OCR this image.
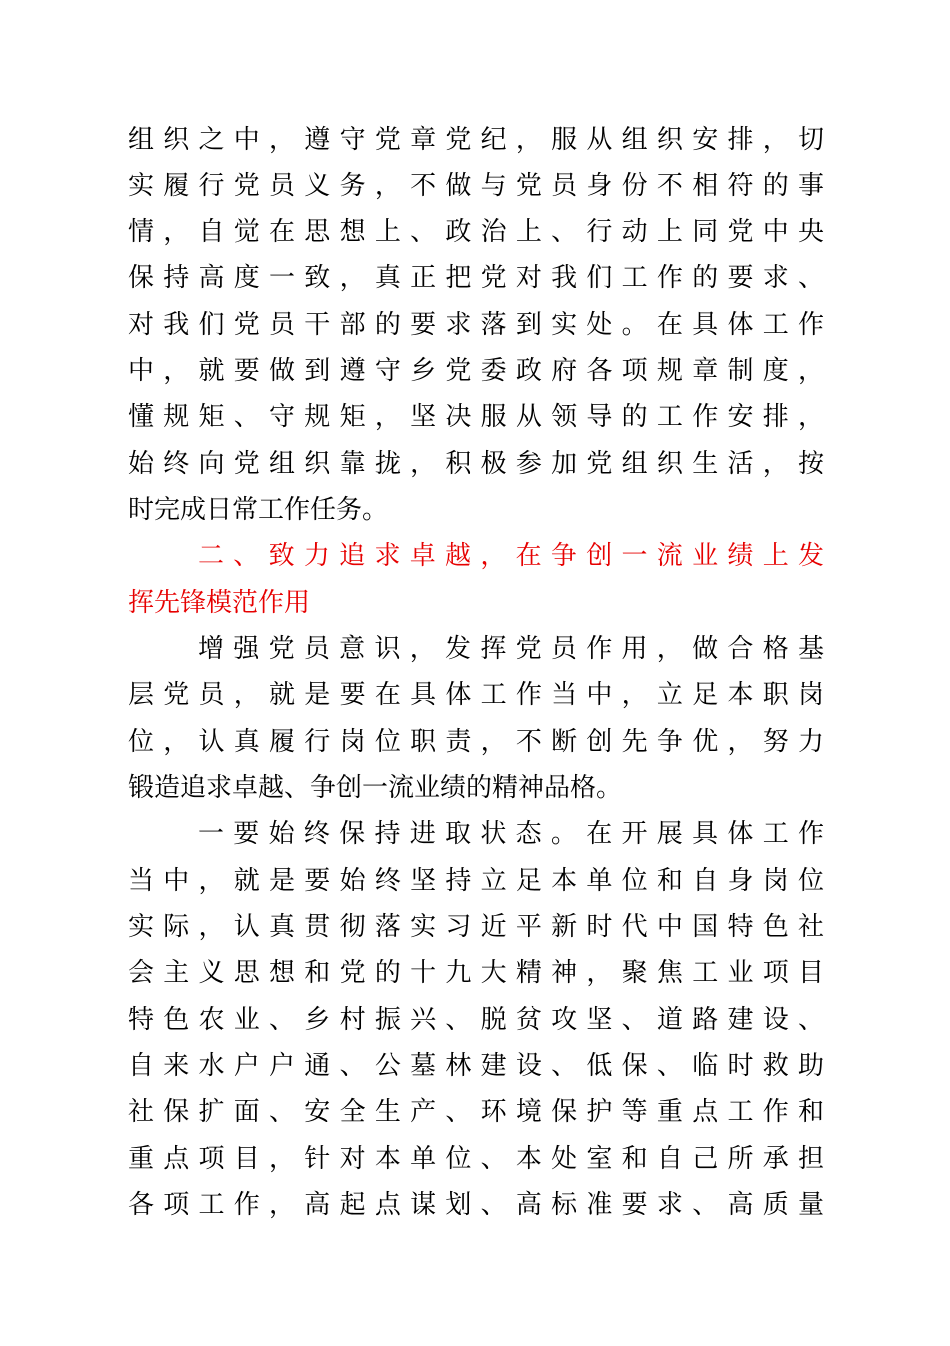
组织之中，遵守党章党纪，服从组织安排，切
实履行党员义务，不做与党员身份不相符的事
情，自觉在思想上、政治上、行动上同党中央
保持高度一致，真正把党对我们工作的要求、
对我们党员干部的要求落到实处。在具体工作
中，就要做到遵守乡党委政府各项规章制度，
懂规矩、守规矩，坚决服从领导的工作安排，
始终向党组织靠拢，积极参加党组织生活，按
时完成日常工作任务。
二、致力追求卓越，在争创一流业绩上发
挥先锋模范作用
增强党员意识，发挥党员作用，做合格基
层党员，就是要在具体工作当中，立足本职岗
位，认真履行岗位职责，不断创先争优，努力
锻造追求卓越、争创一流业绩的精神品格。
一要始终保持进取状态。在开展具体工作
当中，就是要始终坚持立足本单位和自身岗位
实际，认真贯彻落实习近平新时代中国特色社
会主义思想和党的十九大精神，聚焦工业项目
特色农业、乡村振兴、脱贫攻坚、道路建设、
自来水户户通、公墓林建设、低保、临时救助
社保扩面、安全生产、环境保护等重点工作和
重点项目，针对本单位、本处室和自己所承担
各项工作，高起点谋划、高标准要求、高质量
